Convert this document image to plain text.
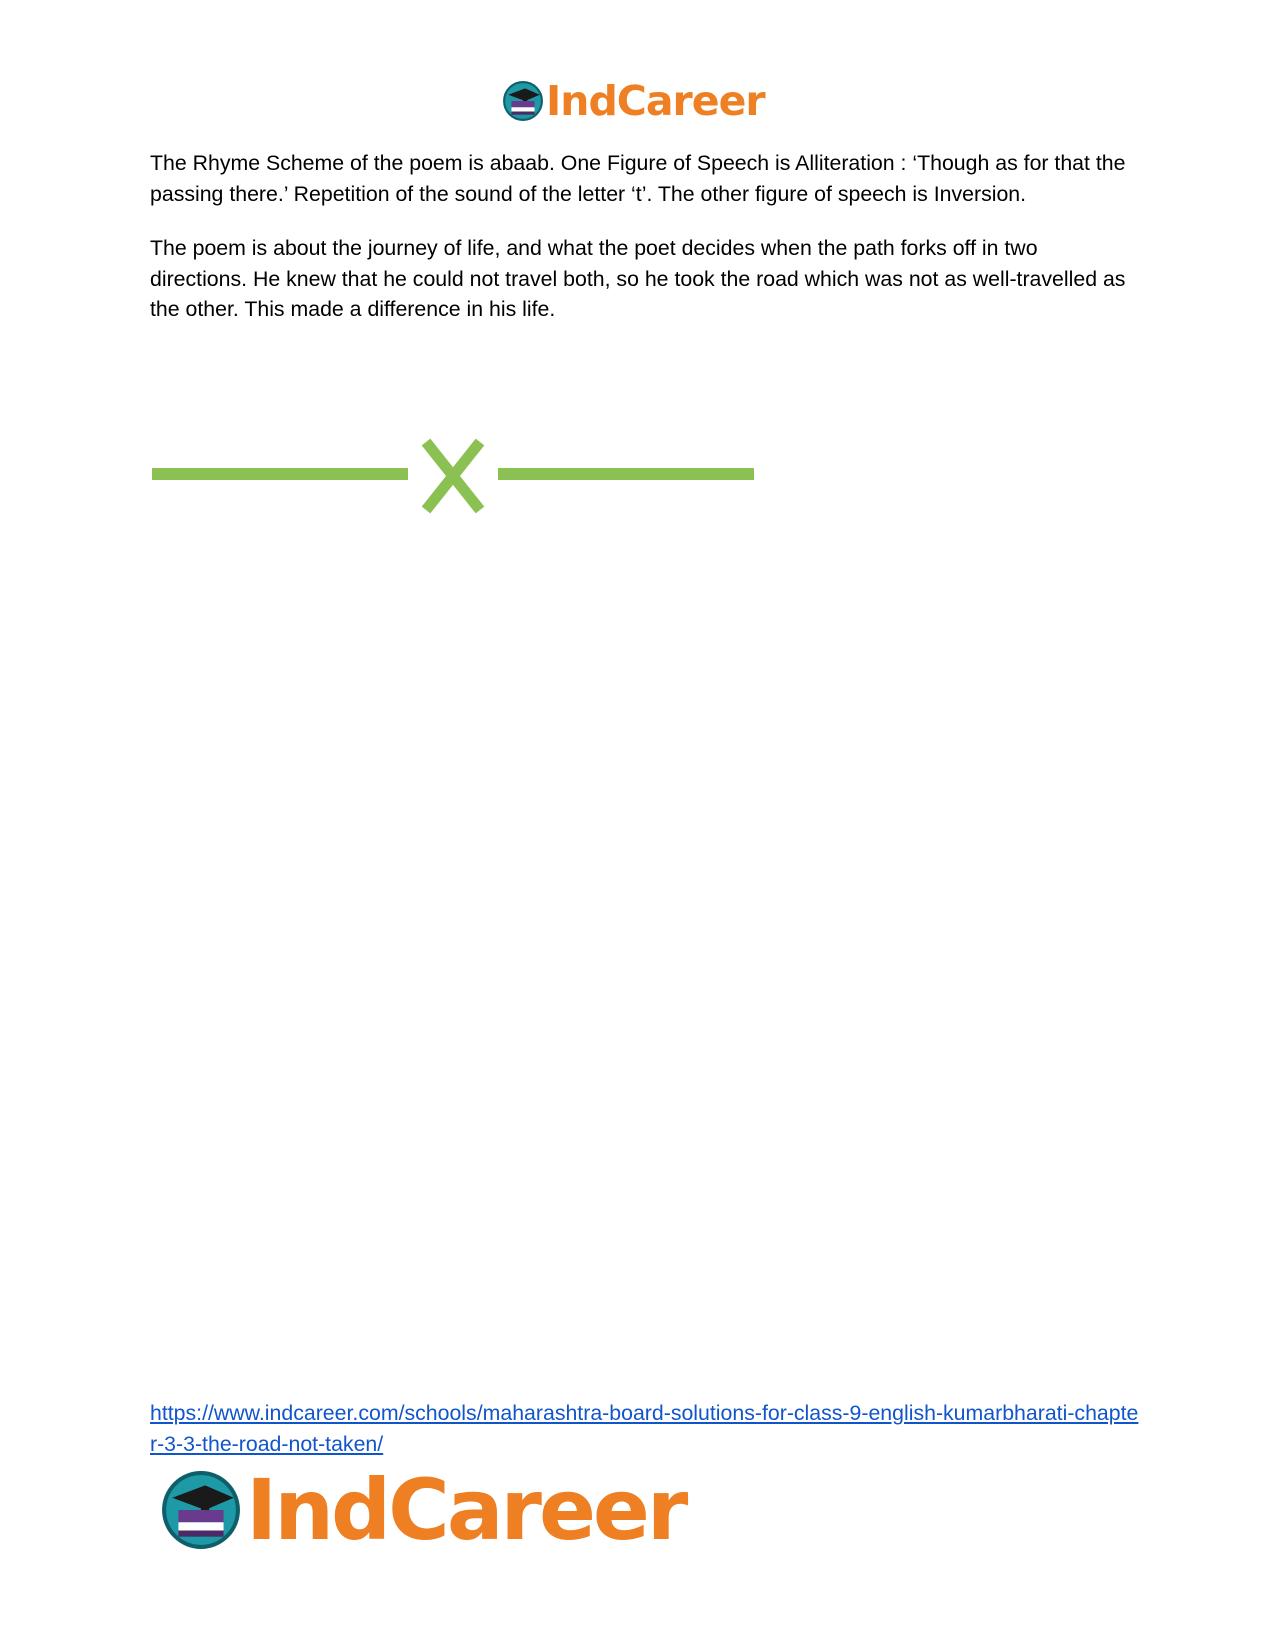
IndCareer

The Rhyme Scheme of the poem is abaab. One Figure of Speech is Alliteration : ‘Though as for that the passing there.’ Repetition of the sound of the letter ‘t’. The other figure of speech is Inversion.

The poem is about the journey of life, and what the poet decides when the path forks off in two directions. He knew that he could not travel both, so he took the road which was not as well-travelled as the other. This made a difference in his life.

https://www.indcareer.com/schools/maharashtra-board-solutions-for-class-9-english-kumarbharati-chapter-3-3-the-road-not-taken/
IndCareer
